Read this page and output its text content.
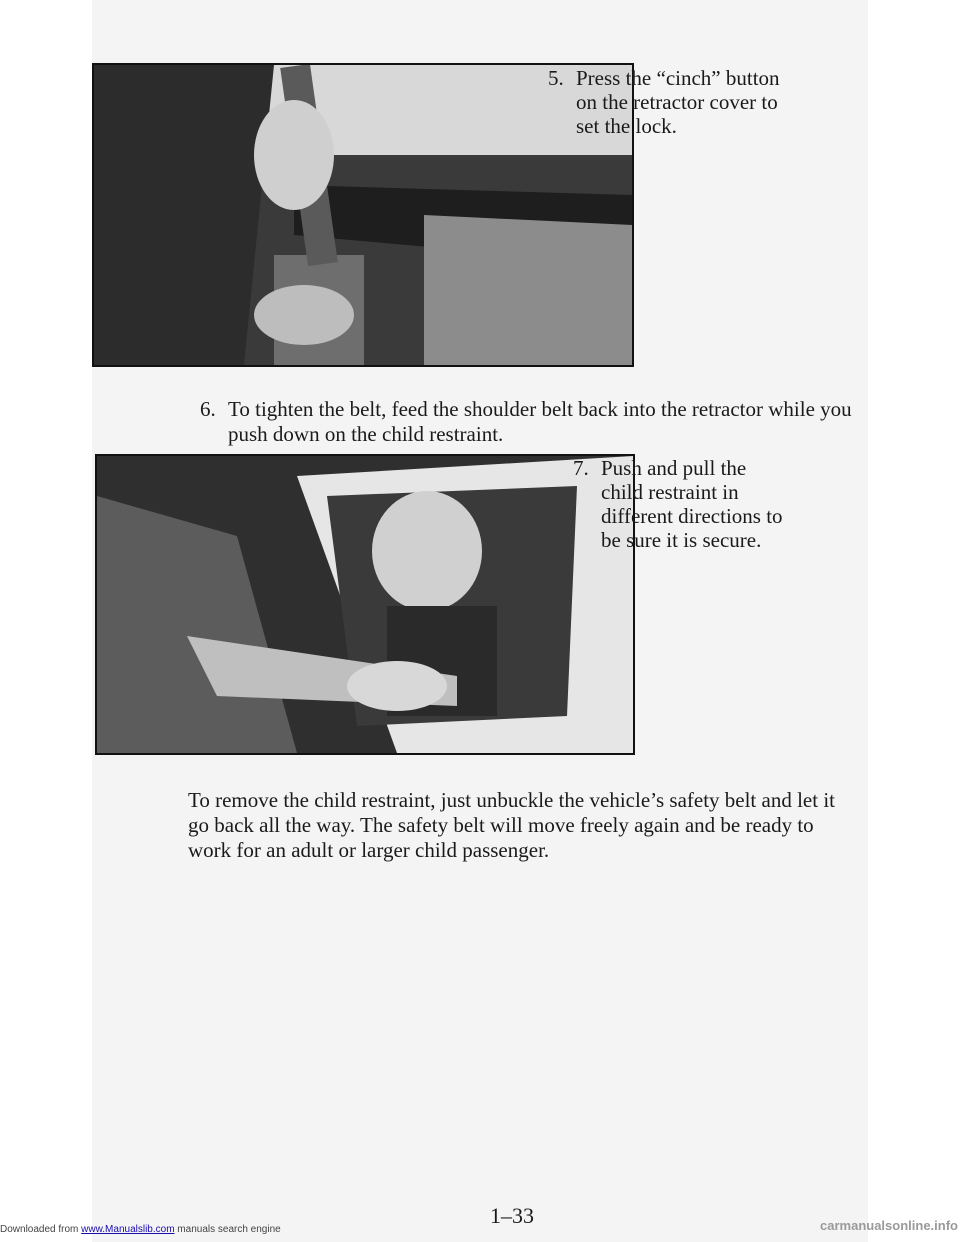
5. Press the “cinch” button on the retractor cover to set the lock.
6. To tighten the belt, feed the shoulder belt back into the retractor while you push down on the child restraint.
7. Push and pull the child restraint in different directions to be sure it is secure.
To remove the child restraint, just unbuckle the vehicle’s safety belt and let it go back all the way. The safety belt will move freely again and be ready to work for an adult or larger child passenger.
1–33
Downloaded from www.Manualslib.com manuals search engine	carmanualsonline.info
